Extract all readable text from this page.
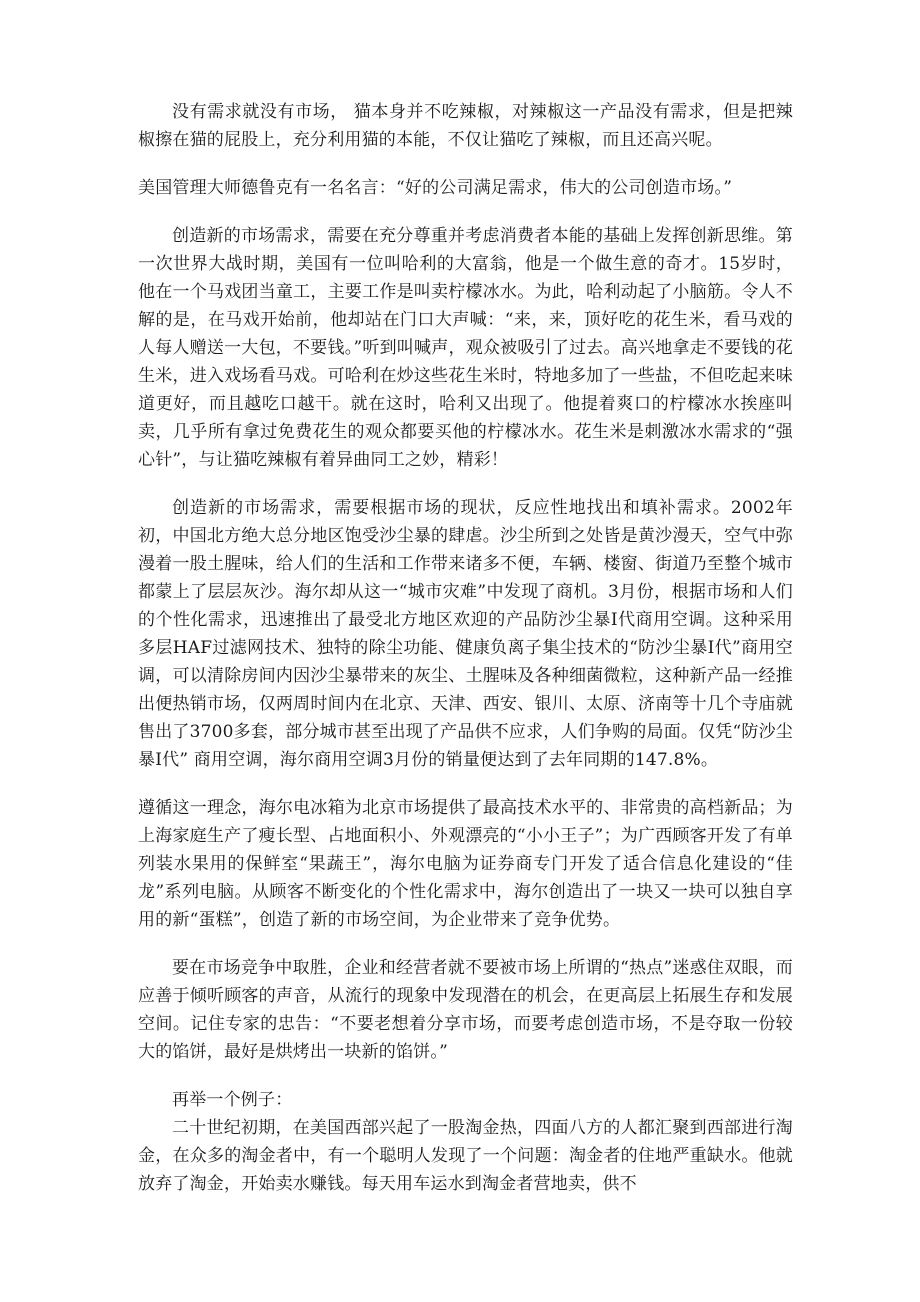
没有需求就没有市场， 猫本身并不吃辣椒，对辣椒这一产品没有需求，但是把辣椒擦在猫的屁股上，充分利用猫的本能，不仅让猫吃了辣椒，而且还高兴呢。

美国管理大师德鲁克有一名名言：“好的公司满足需求，伟大的公司创造市场。”

创造新的市场需求，需要在充分尊重并考虑消费者本能的基础上发挥创新思维。第一次世界大战时期，美国有一位叫哈利的大富翁，他是一个做生意的奇才。15岁时，他在一个马戏团当童工，主要工作是叫卖柠檬冰水。为此，哈利动起了小脑筋。令人不解的是，在马戏开始前，他却站在门口大声喊：“来，来，顶好吃的花生米，看马戏的人每人赠送一大包，不要钱。”听到叫喊声，观众被吸引了过去。高兴地拿走不要钱的花生米，进入戏场看马戏。可哈利在炒这些花生米时，特地多加了一些盐，不但吃起来味道更好，而且越吃口越干。就在这时，哈利又出现了。他提着爽口的柠檬冰水挨座叫卖，几乎所有拿过免费花生的观众都要买他的柠檬冰水。花生米是刺激冰水需求的“强心针”，与让猫吃辣椒有着异曲同工之妙，精彩！

创造新的市场需求，需要根据市场的现状，反应性地找出和填补需求。2002年初，中国北方绝大总分地区饱受沙尘暴的肆虐。沙尘所到之处皆是黄沙漫天，空气中弥漫着一股土腥味，给人们的生活和工作带来诸多不便，车辆、楼窗、街道乃至整个城市都蒙上了层层灰沙。海尔却从这一“城市灾难”中发现了商机。3月份，根据市场和人们的个性化需求，迅速推出了最受北方地区欢迎的产品防沙尘暴Ⅰ代商用空调。这种采用多层HAF过滤网技术、独特的除尘功能、健康负离子集尘技术的“防沙尘暴Ⅰ代”商用空调，可以清除房间内因沙尘暴带来的灰尘、土腥味及各种细菌微粒，这种新产品一经推出便热销市场，仅两周时间内在北京、天津、西安、银川、太原、济南等十几个寺庙就售出了3700多套，部分城市甚至出现了产品供不应求，人们争购的局面。仅凭“防沙尘暴Ⅰ代” 商用空调，海尔商用空调3月份的销量便达到了去年同期的147.8%。

遵循这一理念，海尔电冰箱为北京市场提供了最高技术水平的、非常贵的高档新品；为上海家庭生产了瘦长型、占地面积小、外观漂亮的“小小王子”；为广西顾客开发了有单列装水果用的保鲜室“果蔬王”，海尔电脑为证券商专门开发了适合信息化建设的“佳龙”系列电脑。从顾客不断变化的个性化需求中，海尔创造出了一块又一块可以独自享用的新“蛋糕”，创造了新的市场空间，为企业带来了竞争优势。

要在市场竞争中取胜，企业和经营者就不要被市场上所谓的“热点”迷惑住双眼，而应善于倾听顾客的声音，从流行的现象中发现潜在的机会，在更高层上拓展生存和发展空间。记住专家的忠告：“不要老想着分享市场，而要考虑创造市场，不是夺取一份较大的馅饼，最好是烘烤出一块新的馅饼。”

再举一个例子：

二十世纪初期，在美国西部兴起了一股淘金热，四面八方的人都汇聚到西部进行淘金，在众多的淘金者中，有一个聪明人发现了一个问题：淘金者的住地严重缺水。他就放弃了淘金，开始卖水赚钱。每天用车运水到淘金者营地卖，供不
